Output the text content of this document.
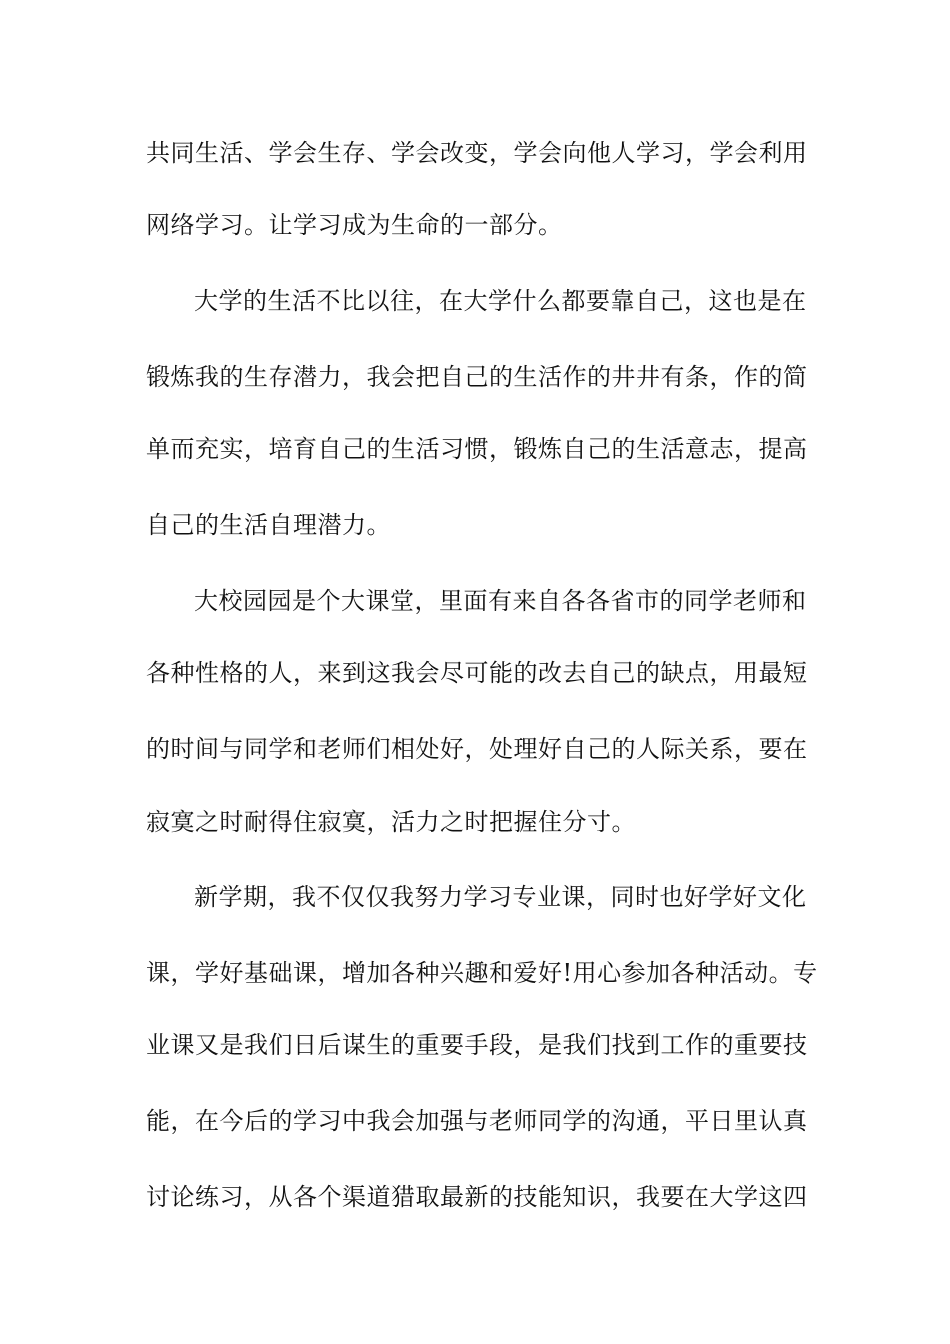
共同生活、学会生存、学会改变，学会向他人学习，学会利用
网络学习。让学习成为生命的一部分。
大学的生活不比以往，在大学什么都要靠自己，这也是在
锻炼我的生存潜力，我会把自己的生活作的井井有条，作的简
单而充实，培育自己的生活习惯，锻炼自己的生活意志，提高
自己的生活自理潜力。
大校园园是个大课堂，里面有来自各各省市的同学老师和
各种性格的人，来到这我会尽可能的改去自己的缺点，用最短
的时间与同学和老师们相处好，处理好自己的人际关系，要在
寂寞之时耐得住寂寞，活力之时把握住分寸。
新学期，我不仅仅我努力学习专业课，同时也好学好文化
课，学好基础课，增加各种兴趣和爱好!用心参加各种活动。专
业课又是我们日后谋生的重要手段，是我们找到工作的重要技
能，在今后的学习中我会加强与老师同学的沟通，平日里认真
讨论练习，从各个渠道猎取最新的技能知识，我要在大学这四
